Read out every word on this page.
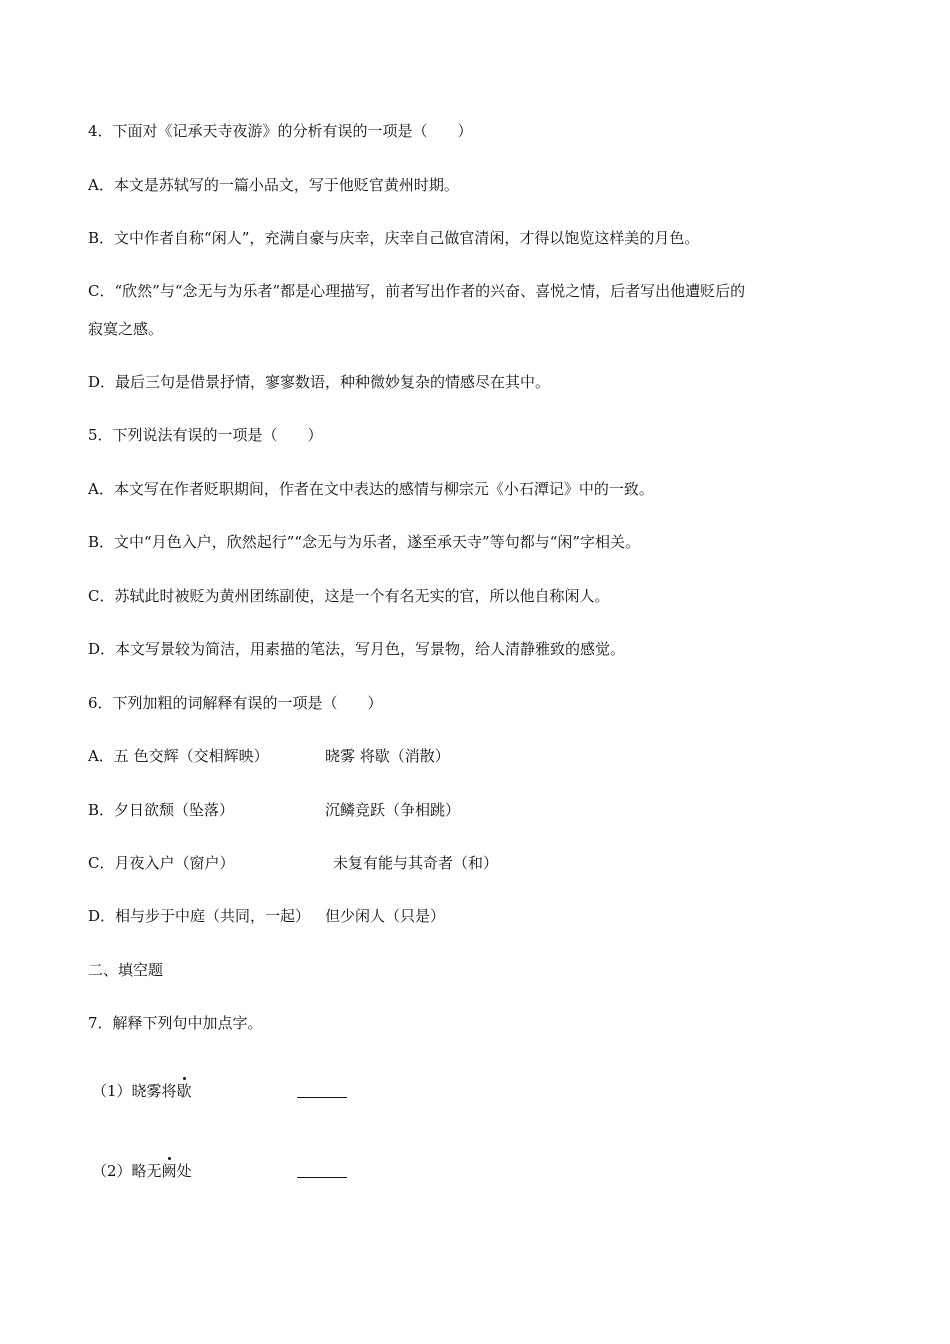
4．下面对《记承天寺夜游》的分析有误的一项是（　　）
A．本文是苏轼写的一篇小品文，写于他贬官黄州时期。
B．文中作者自称“闲人”，充满自豪与庆幸，庆幸自己做官清闲，才得以饱览这样美的月色。
C．“欣然”与“念无与为乐者”都是心理描写，前者写出作者的兴奋、喜悦之情，后者写出他遭贬后的
寂寞之感。
D．最后三句是借景抒情，寥寥数语，种种微妙复杂的情感尽在其中。
5．下列说法有误的一项是（　　）
A．本文写在作者贬职期间，作者在文中表达的感情与柳宗元《小石潭记》中的一致。
B．文中“月色入户，欣然起行”“念无与为乐者，遂至承天寺”等句都与“闲”字相关。
C．苏轼此时被贬为黄州团练副使，这是一个有名无实的官，所以他自称闲人。
D．本文写景较为简洁，用素描的笔法，写月色，写景物，给人清静雅致的感觉。
6．下列加粗的词解释有误的一项是（　　）
A．五 色交辉（交相辉映）	晓雾 将歇（消散）
B．夕日欲颓（坠落）	沉鳞竞跃（争相跳）
C．月夜入户（窗户）	未复有能与其奇者（和）
D．相与步于中庭（共同，一起） 但少闲人（只是）
二、填空题
7．解释下列句中加点字。
（1）晓雾将歇
（2）略无阙处
